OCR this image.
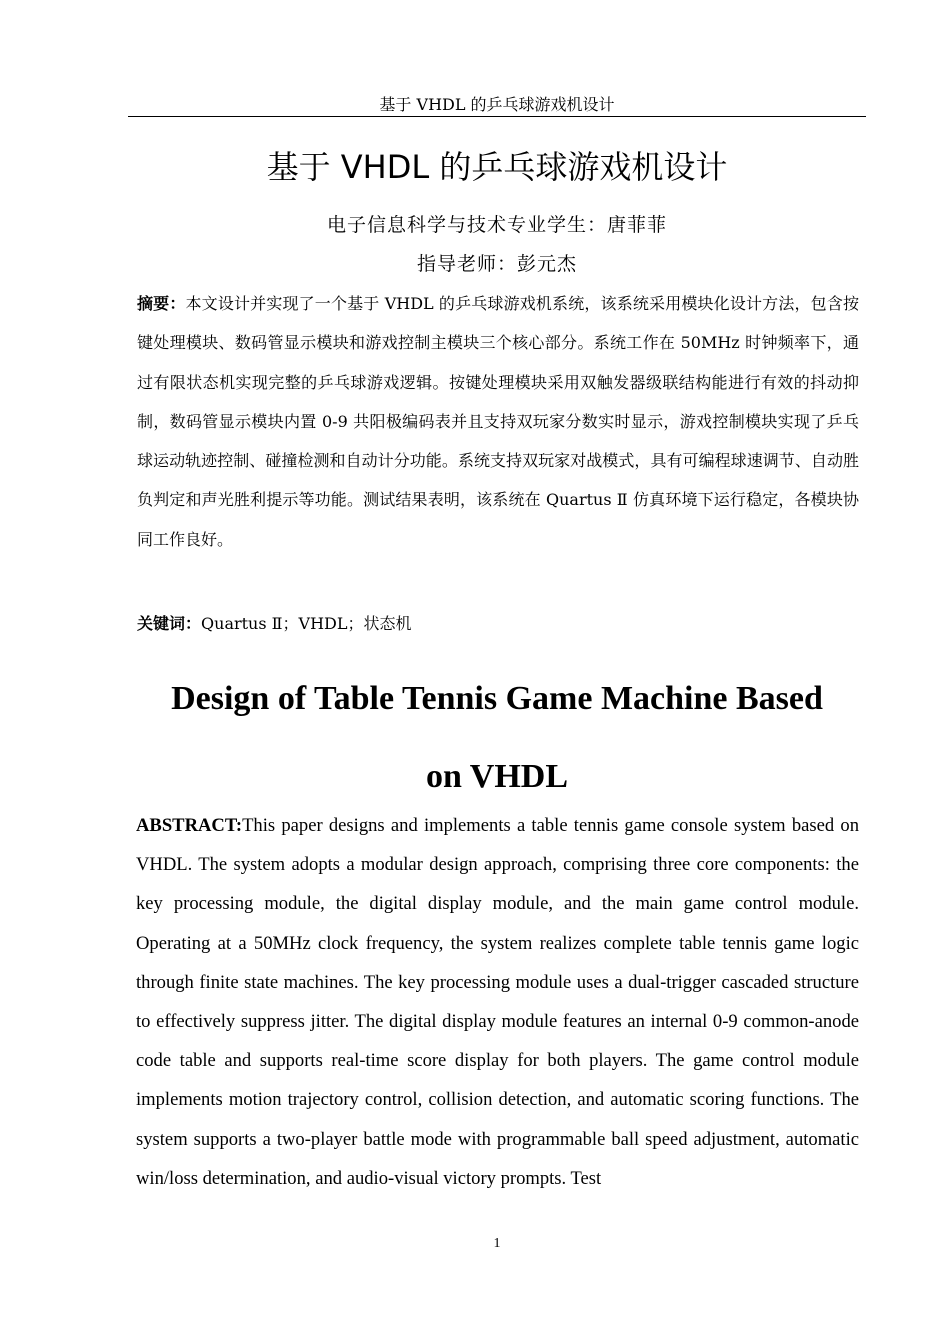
基于 VHDL 的乒乓球游戏机设计
基于 VHDL 的乒乓球游戏机设计
电子信息科学与技术专业学生：唐菲菲
指导老师：彭元杰
摘要：本文设计并实现了一个基于 VHDL 的乒乓球游戏机系统，该系统采用模块化设计方法，包含按键处理模块、数码管显示模块和游戏控制主模块三个核心部分。系统工作在 50MHz 时钟频率下，通过有限状态机实现完整的乒乓球游戏逻辑。按键处理模块采用双触发器级联结构能进行有效的抖动抑制，数码管显示模块内置 0-9 共阳极编码表并且支持双玩家分数实时显示，游戏控制模块实现了乒乓球运动轨迹控制、碰撞检测和自动计分功能。系统支持双玩家对战模式，具有可编程球速调节、自动胜负判定和声光胜利提示等功能。测试结果表明，该系统在 Quartus Ⅱ 仿真环境下运行稳定，各模块协同工作良好。
关键词：Quartus Ⅱ；VHDL；状态机
Design of Table Tennis Game Machine Based
on VHDL
ABSTRACT:This paper designs and implements a table tennis game console system based on VHDL. The system adopts a modular design approach, comprising three core components: the key processing module, the digital display module, and the main game control module. Operating at a 50MHz clock frequency, the system realizes complete table tennis game logic through finite state machines. The key processing module uses a dual-trigger cascaded structure to effectively suppress jitter. The digital display module features an internal 0-9 common-anode code table and supports real-time score display for both players. The game control module implements motion trajectory control, collision detection, and automatic scoring functions. The system supports a two-player battle mode with programmable ball speed adjustment, automatic win/loss determination, and audio-visual victory prompts. Test
1
